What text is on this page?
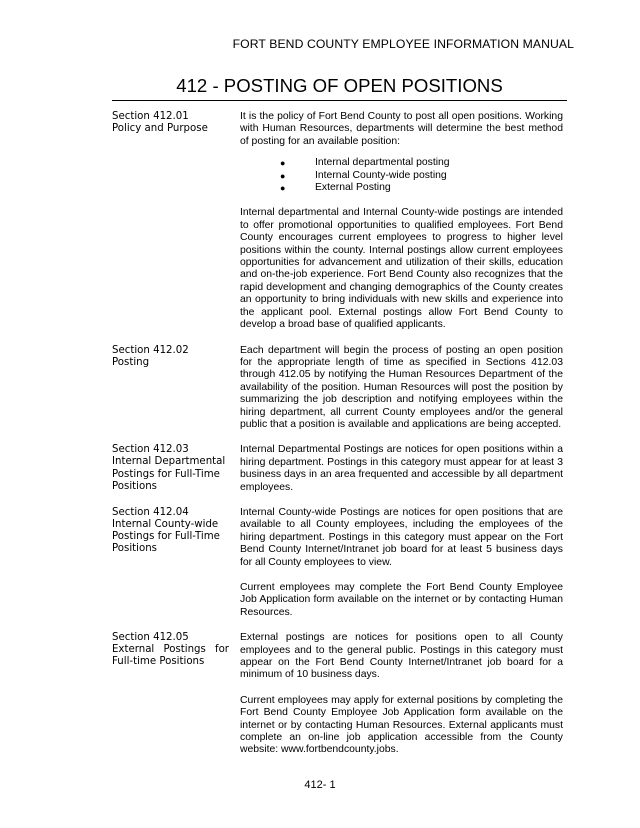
FORT BEND COUNTY EMPLOYEE INFORMATION MANUAL
412 - POSTING OF OPEN POSITIONS
Section 412.01
Policy and Purpose

It is the policy of Fort Bend County to post all open positions. Working with Human Resources, departments will determine the best method of posting for an available position:

●	Internal departmental posting
●	Internal County-wide posting
●	External Posting

Internal departmental and Internal County-wide postings are intended to offer promotional opportunities to qualified employees. Fort Bend County encourages current employees to progress to higher level positions within the county. Internal postings allow current employees opportunities for advancement and utilization of their skills, education and on-the-job experience. Fort Bend County also recognizes that the rapid development and changing demographics of the County creates an opportunity to bring individuals with new skills and experience into the applicant pool. External postings allow Fort Bend County to develop a broad base of qualified applicants.

Section 412.02
Posting

Each department will begin the process of posting an open position for the appropriate length of time as specified in Sections 412.03 through 412.05 by notifying the Human Resources Department of the availability of the position. Human Resources will post the position by summarizing the job description and notifying employees within the hiring department, all current County employees and/or the general public that a position is available and applications are being accepted.

Section 412.03
Internal Departmental
Postings for Full-Time
Positions

Internal Departmental Postings are notices for open positions within a hiring department. Postings in this category must appear for at least 3 business days in an area frequented and accessible by all department employees.

Section 412.04
Internal County-wide
Postings for Full-Time
Positions

Internal County-wide Postings are notices for open positions that are available to all County employees, including the employees of the hiring department. Postings in this category must appear on the Fort Bend County Internet/Intranet job board for at least 5 business days for all County employees to view.

Current employees may complete the Fort Bend County Employee Job Application form available on the internet or by contacting Human Resources.

Section 412.05
External Postings for
Full-time Positions

External postings are notices for positions open to all County employees and to the general public. Postings in this category must appear on the Fort Bend County Internet/Intranet job board for a minimum of 10 business days.

Current employees may apply for external positions by completing the Fort Bend County Employee Job Application form available on the internet or by contacting Human Resources. External applicants must complete an on-line job application accessible from the County website: www.fortbendcounty.jobs.

412- 1
